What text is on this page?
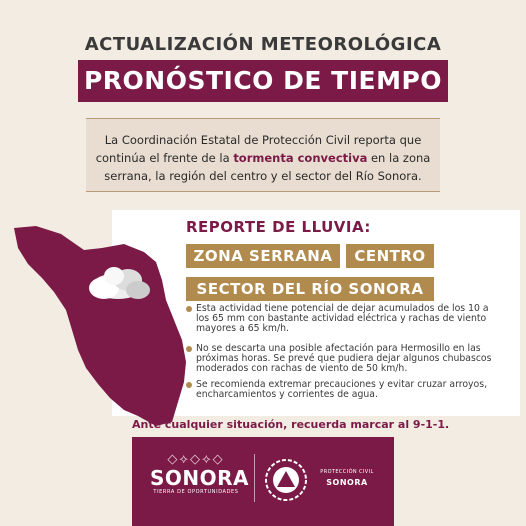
ACTUALIZACIÓN METEOROLÓGICA
PRONÓSTICO DE TIEMPO
La Coordinación Estatal de Protección Civil reporta que continúa el frente de la tormenta convectiva en la zona serrana, la región del centro y el sector del Río Sonora.
REPORTE DE LLUVIA:
ZONA SERRANA	CENTRO
SECTOR DEL RÍO SONORA
Esta actividad tiene potencial de dejar acumulados de los 10 a los 65 mm con bastante actividad eléctrica y rachas de viento mayores a 65 km/h.
No se descarta una posible afectación para Hermosillo en las próximas horas. Se prevé que pudiera dejar algunos chubascos moderados con rachas de viento de 50 km/h.
Se recomienda extremar precauciones y evitar cruzar arroyos, encharcamientos y corrientes de agua.
Ante cualquier situación, recuerda marcar al 9-1-1.
◇⟡◇⟡◇
SONORA
TIERRA DE OPORTUNIDADES
PROTECCIÓN CIVIL
SONORA
